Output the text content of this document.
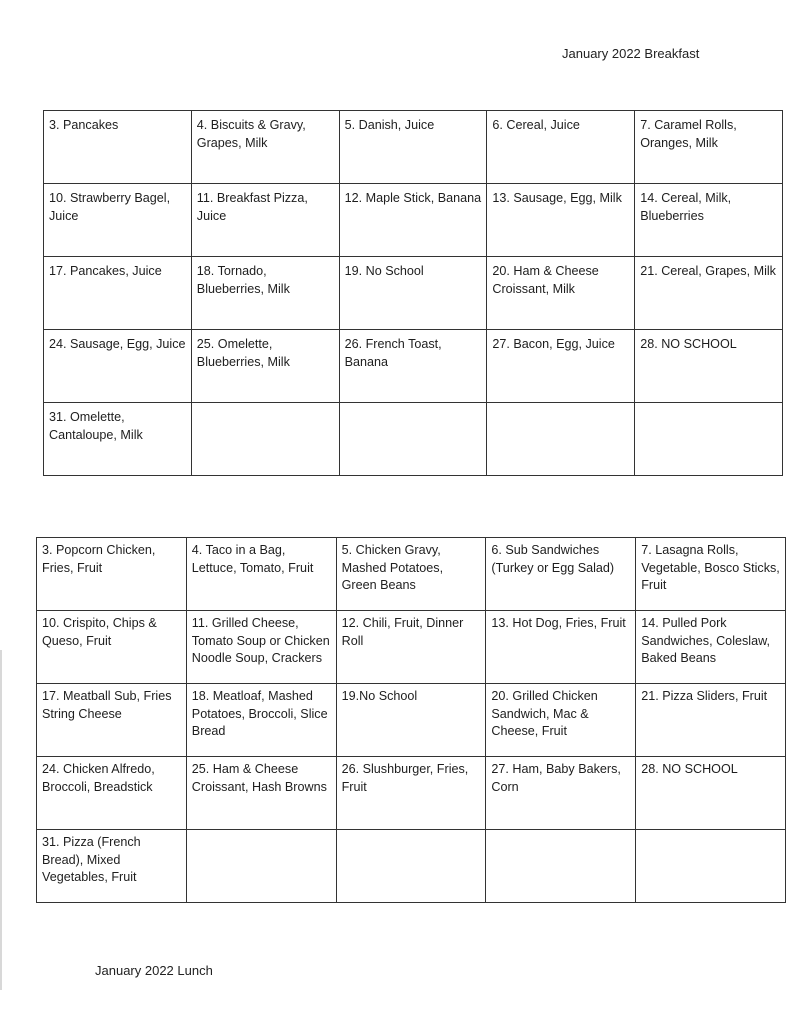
January 2022 Breakfast
3. Pancakes	4. Biscuits & Gravy, Grapes, Milk	5. Danish, Juice	6. Cereal, Juice	7. Caramel Rolls, Oranges, Milk
10. Strawberry Bagel, Juice	11. Breakfast Pizza, Juice	12. Maple Stick, Banana	13. Sausage, Egg, Milk	14. Cereal, Milk, Blueberries
17. Pancakes, Juice	18. Tornado, Blueberries, Milk	19. No School	20. Ham & Cheese Croissant, Milk	21. Cereal, Grapes, Milk
24. Sausage, Egg, Juice	25. Omelette, Blueberries, Milk	26. French Toast, Banana	27. Bacon, Egg, Juice	28. NO SCHOOL
31. Omelette, Cantaloupe, Milk				
3. Popcorn Chicken, Fries, Fruit	4. Taco in a Bag, Lettuce, Tomato, Fruit	5. Chicken Gravy, Mashed Potatoes, Green Beans	6. Sub Sandwiches (Turkey or Egg Salad)	7. Lasagna Rolls, Vegetable, Bosco Sticks, Fruit
10. Crispito, Chips & Queso, Fruit	11. Grilled Cheese, Tomato Soup or Chicken Noodle Soup, Crackers	12. Chili, Fruit, Dinner Roll	13. Hot Dog, Fries, Fruit	14. Pulled Pork Sandwiches, Coleslaw, Baked Beans
17. Meatball Sub, Fries String Cheese	18. Meatloaf, Mashed Potatoes, Broccoli, Slice Bread	19.No School	20. Grilled Chicken Sandwich, Mac & Cheese, Fruit	21. Pizza Sliders, Fruit
24. Chicken Alfredo, Broccoli, Breadstick	25. Ham & Cheese Croissant, Hash Browns	26. Slushburger, Fries, Fruit	27. Ham, Baby Bakers, Corn	28. NO SCHOOL
31. Pizza (French Bread), Mixed Vegetables, Fruit				
January 2022 Lunch
